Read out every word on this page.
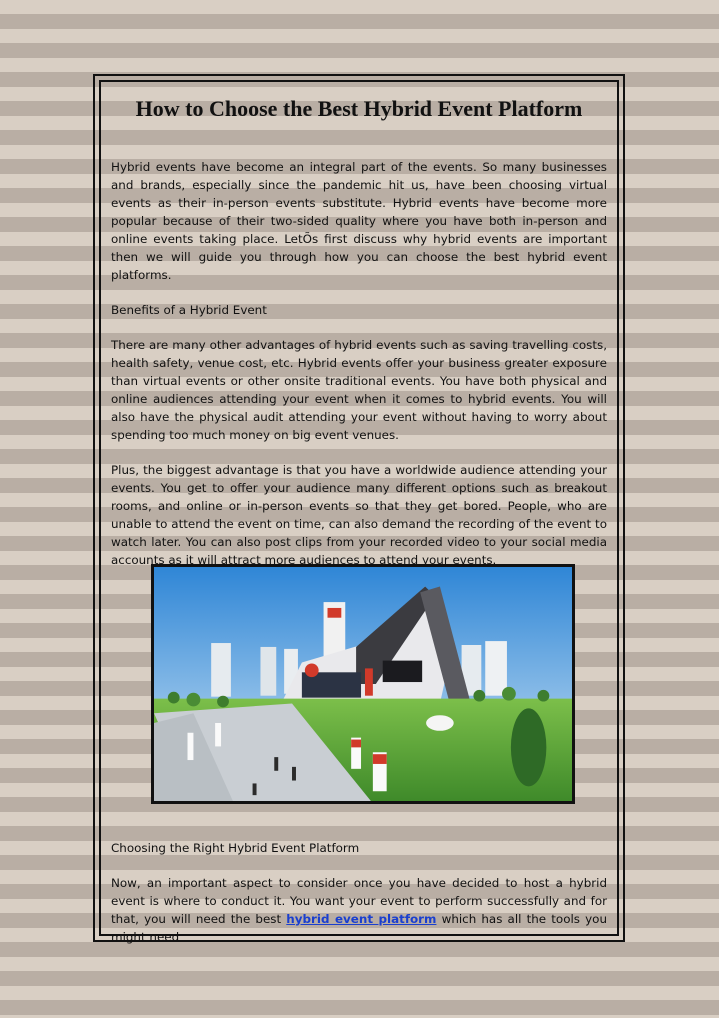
How to Choose the Best Hybrid Event Platform

Hybrid events have become an integral part of the events. So many businesses and brands, especially since the pandemic hit us, have been choosing virtual events as their in-person events substitute. Hybrid events have become more popular because of their two-sided quality where you have both in-person and online events taking place. LetÕs first discuss why hybrid events are important then we will guide you through how you can choose the best hybrid event platforms.

Benefits of a Hybrid Event

There are many other advantages of hybrid events such as saving travelling costs, health safety, venue cost, etc. Hybrid events offer your business greater exposure than virtual events or other onsite traditional events. You have both physical and online audiences attending your event when it comes to hybrid events. You will also have the physical audit attending your event without having to worry about spending too much money on big event venues.

Plus, the biggest advantage is that you have a worldwide audience attending your events. You get to offer your audience many different options such as breakout rooms, and online or in-person events so that they get bored. People, who are unable to attend the event on time, can also demand the recording of the event to watch later. You can also post clips from your recorded video to your social media accounts as it will attract more audiences to attend your events.

Choosing the Right Hybrid Event Platform

Now, an important aspect to consider once you have decided to host a hybrid event is where to conduct it. You want your event to perform successfully and for that, you will need the best hybrid event platform which has all the tools you might need
